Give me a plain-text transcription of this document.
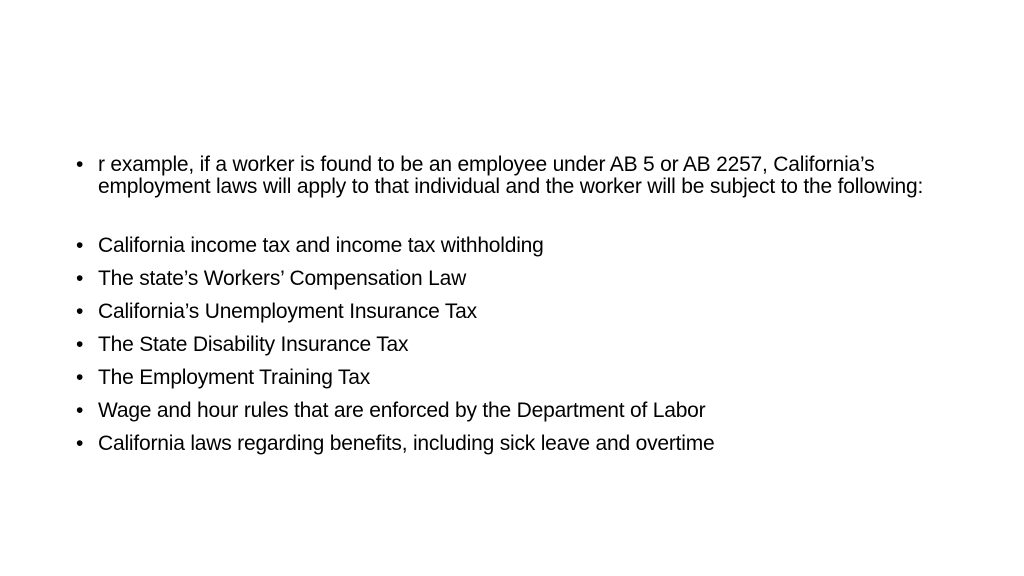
• r example, if a worker is found to be an employee under AB 5 or AB 2257, California’s employment laws will apply to that individual and the worker will be subject to the following:
• California income tax and income tax withholding
• The state’s Workers’ Compensation Law
• California’s Unemployment Insurance Tax
• The State Disability Insurance Tax
• The Employment Training Tax
• Wage and hour rules that are enforced by the Department of Labor
• California laws regarding benefits, including sick leave and overtime
